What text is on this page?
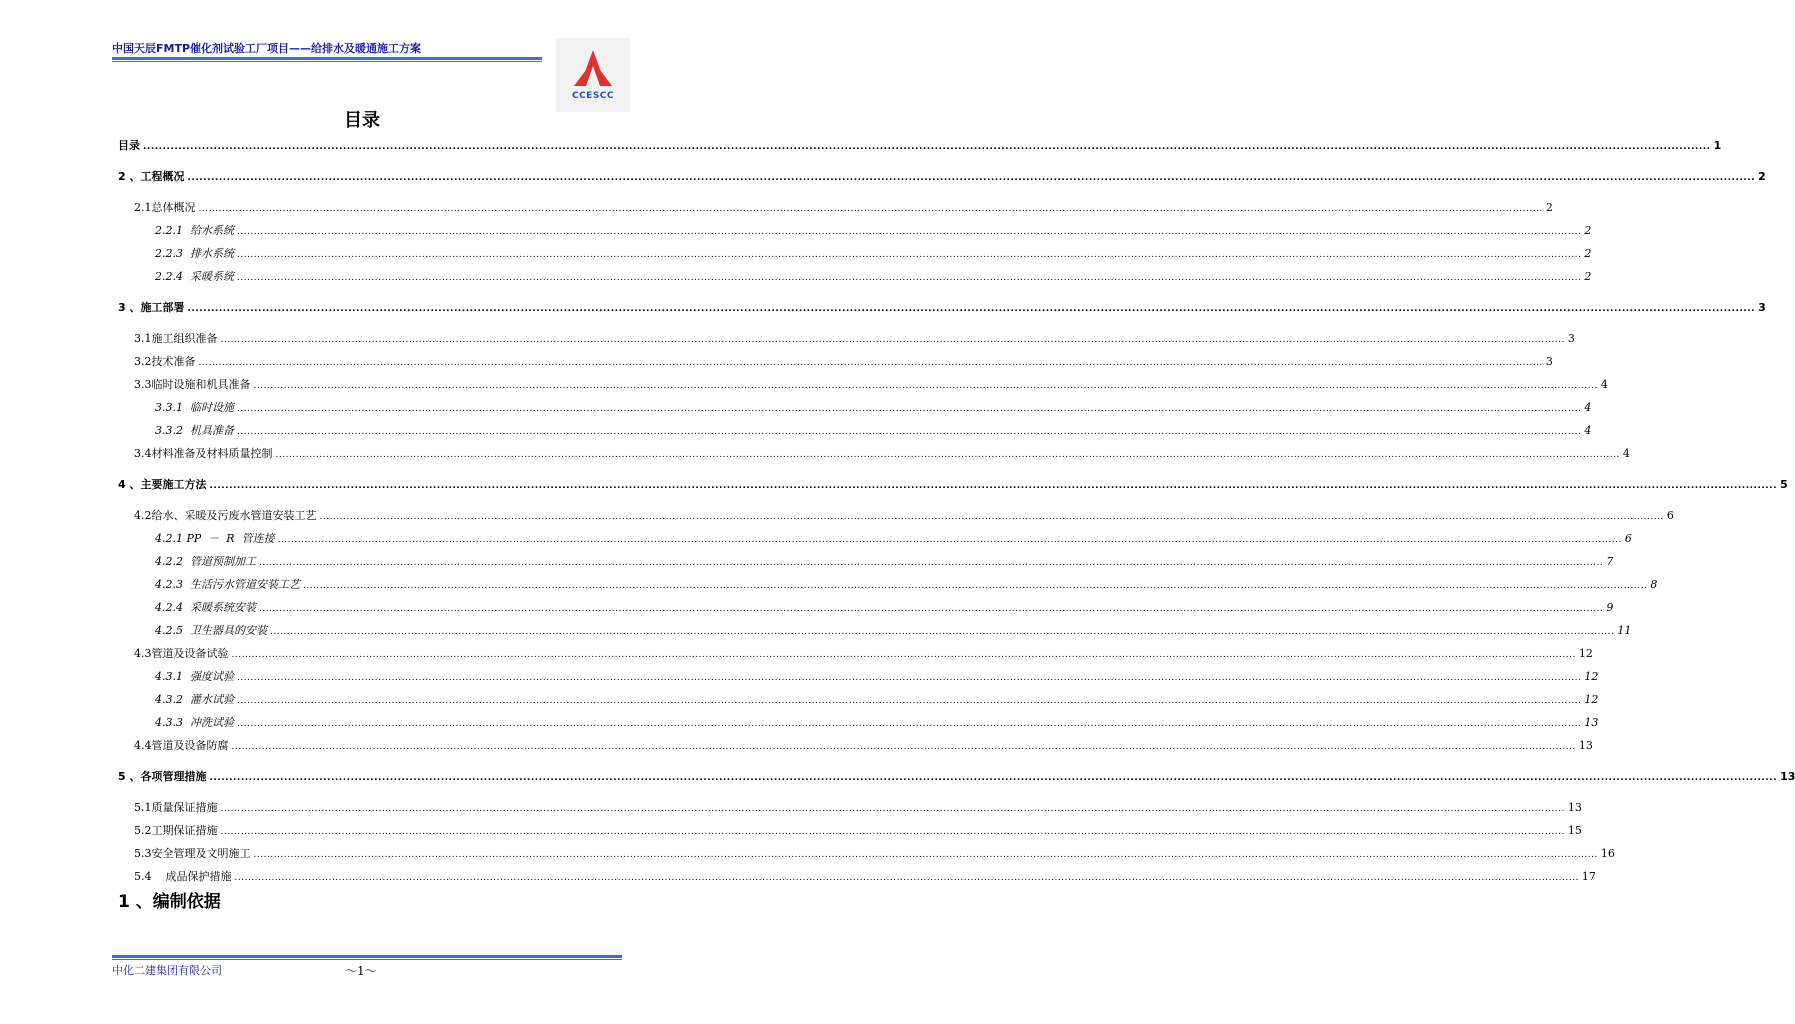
中国天辰FMTP催化剂试验工厂项目——给排水及暖通施工方案
CCESCC
目录
目录 ................................................................................................................................................................................................................................................................................................................................................................................................................ 1
2 、工程概况 ................................................................................................................................................................................................................................................................................................................................................................................................................ 2
2.1总体概况 ................................................................................................................................................................................................................................................................................................................................................................................................................ 2
2.2.1  给水系统 ................................................................................................................................................................................................................................................................................................................................................................................................................ 2
2.2.3  排水系统 ................................................................................................................................................................................................................................................................................................................................................................................................................ 2
2.2.4  采暖系统 ................................................................................................................................................................................................................................................................................................................................................................................................................ 2
3 、施工部署 ................................................................................................................................................................................................................................................................................................................................................................................................................ 3
3.1施工组织准备 ................................................................................................................................................................................................................................................................................................................................................................................................................ 3
3.2技术准备 ................................................................................................................................................................................................................................................................................................................................................................................................................ 3
3.3临时设施和机具准备 ................................................................................................................................................................................................................................................................................................................................................................................................................ 4
3.3.1  临时设施 ................................................................................................................................................................................................................................................................................................................................................................................................................ 4
3.3.2  机具准备 ................................................................................................................................................................................................................................................................................................................................................................................................................ 4
3.4材料准备及材料质量控制 ................................................................................................................................................................................................................................................................................................................................................................................................................ 4
4 、主要施工方法 ................................................................................................................................................................................................................................................................................................................................................................................................................ 5
4.2给水、采暖及污废水管道安装工艺 ................................................................................................................................................................................................................................................................................................................................................................................................................ 6
4.2.1 PP  －  R  管连接 ................................................................................................................................................................................................................................................................................................................................................................................................................ 6
4.2.2  管道预制加工 ................................................................................................................................................................................................................................................................................................................................................................................................................ 7
4.2.3  生活污水管道安装工艺 ................................................................................................................................................................................................................................................................................................................................................................................................................ 8
4.2.4  采暖系统安装 ................................................................................................................................................................................................................................................................................................................................................................................................................ 9
4.2.5  卫生器具的安装 ................................................................................................................................................................................................................................................................................................................................................................................................................ 11
4.3管道及设备试验 ................................................................................................................................................................................................................................................................................................................................................................................................................ 12
4.3.1  强度试验 ................................................................................................................................................................................................................................................................................................................................................................................................................ 12
4.3.2  灌水试验 ................................................................................................................................................................................................................................................................................................................................................................................................................ 12
4.3.3  冲洗试验 ................................................................................................................................................................................................................................................................................................................................................................................................................ 13
4.4管道及设备防腐 ................................................................................................................................................................................................................................................................................................................................................................................................................ 13
5 、各项管理措施 ................................................................................................................................................................................................................................................................................................................................................................................................................ 13
5.1质量保证措施 ................................................................................................................................................................................................................................................................................................................................................................................................................ 13
5.2工期保证措施 ................................................................................................................................................................................................................................................................................................................................................................................................................ 15
5.3安全管理及文明施工 ................................................................................................................................................................................................................................................................................................................................................................................................................ 16
5.4    成品保护措施 ................................................................................................................................................................................................................................................................................................................................................................................................................ 17
1 、编制依据
中化二建集团有限公司	～1～
